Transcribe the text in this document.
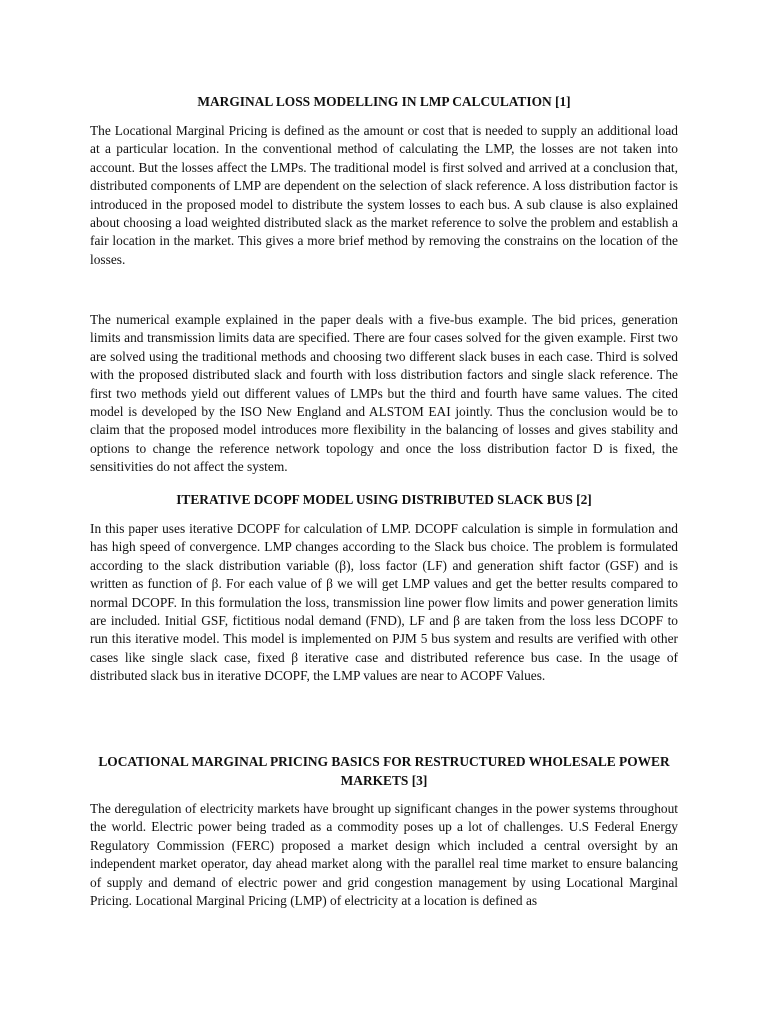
MARGINAL LOSS MODELLING IN LMP CALCULATION [1]

The Locational Marginal Pricing is defined as the amount or cost that is needed to supply an additional load at a particular location. In the conventional method of calculating the LMP, the losses are not taken into account. But the losses affect the LMPs. The traditional model is first solved and arrived at a conclusion that, distributed components of LMP are dependent on the selection of slack reference. A loss distribution factor is introduced in the proposed model to distribute the system losses to each bus. A sub clause is also explained about choosing a load weighted distributed slack as the market reference to solve the problem and establish a fair location in the market. This gives a more brief method by removing the constrains on the location of the losses.

The numerical example explained in the paper deals with a five-bus example. The bid prices, generation limits and transmission limits data are specified. There are four cases solved for the given example. First two are solved using the traditional methods and choosing two different slack buses in each case. Third is solved with the proposed distributed slack and fourth with loss distribution factors and single slack reference. The first two methods yield out different values of LMPs but the third and fourth have same values. The cited model is developed by the ISO New England and ALSTOM EAI jointly. Thus the conclusion would be to claim that the proposed model introduces more flexibility in the balancing of losses and gives stability and options to change the reference network topology and once the loss distribution factor D is fixed, the sensitivities do not affect the system.

ITERATIVE DCOPF MODEL USING DISTRIBUTED SLACK BUS [2]

In this paper uses iterative DCOPF for calculation of LMP. DCOPF calculation is simple in formulation and has high speed of convergence. LMP changes according to the Slack bus choice. The problem is formulated according to the slack distribution variable (β), loss factor (LF) and generation shift factor (GSF) and is written as function of β. For each value of β we will get LMP values and get the better results compared to normal DCOPF. In this formulation the loss, transmission line power flow limits and power generation limits are included. Initial GSF, fictitious nodal demand (FND), LF and β are taken from the loss less DCOPF to run this iterative model. This model is implemented on PJM 5 bus system and results are verified with other cases like single slack case, fixed β iterative case and distributed reference bus case. In the usage of distributed slack bus in iterative DCOPF, the LMP values are near to ACOPF Values.

LOCATIONAL MARGINAL PRICING BASICS FOR RESTRUCTURED WHOLESALE POWER MARKETS [3]

The deregulation of electricity markets have brought up significant changes in the power systems throughout the world. Electric power being traded as a commodity poses up a lot of challenges. U.S Federal Energy Regulatory Commission (FERC) proposed a market design which included a central oversight by an independent market operator, day ahead market along with the parallel real time market to ensure balancing of supply and demand of electric power and grid congestion management by using Locational Marginal Pricing. Locational Marginal Pricing (LMP) of electricity at a location is defined as
